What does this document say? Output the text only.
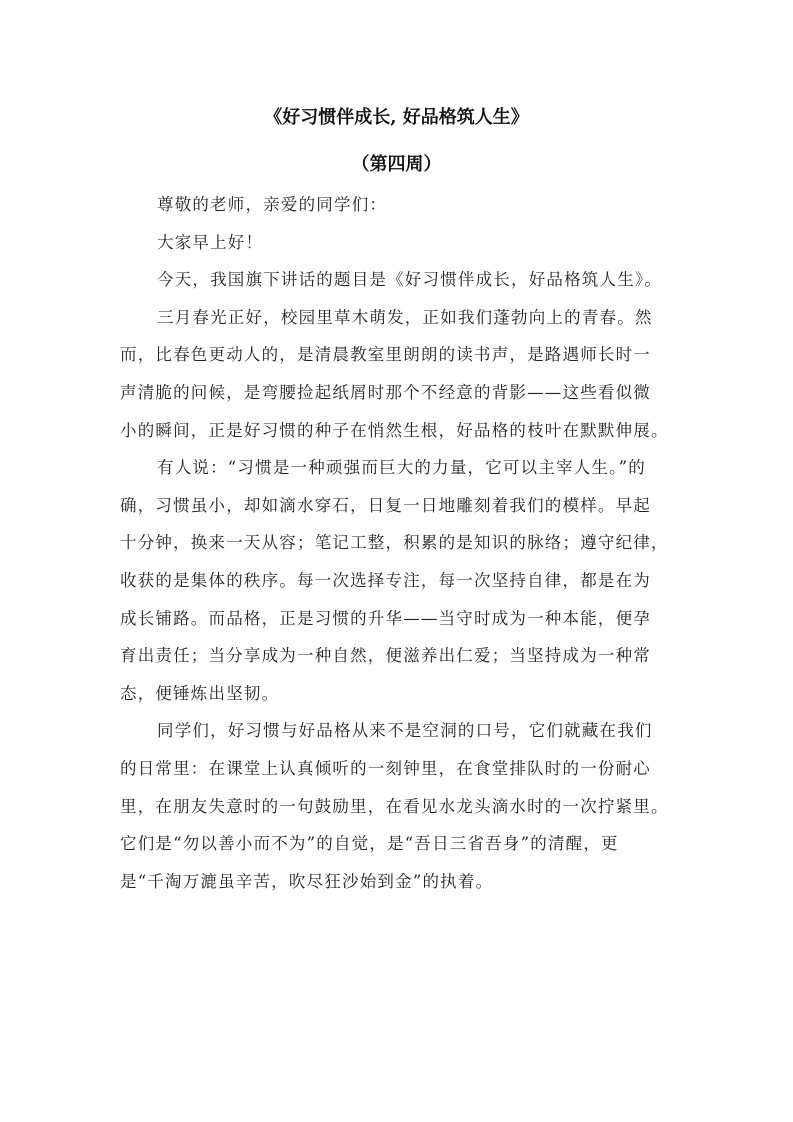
《好习惯伴成长, 好品格筑人生》
（第四周）
尊敬的老师，亲爱的同学们：
大家早上好！
今天，我国旗下讲话的题目是《好习惯伴成长，好品格筑人生》。
三月春光正好，校园里草木萌发，正如我们蓬勃向上的青春。然
而，比春色更动人的，是清晨教室里朗朗的读书声，是路遇师长时一
声清脆的问候，是弯腰捡起纸屑时那个不经意的背影——这些看似微
小的瞬间，正是好习惯的种子在悄然生根，好品格的枝叶在默默伸展。
有人说：“习惯是一种顽强而巨大的力量，它可以主宰人生。”的
确，习惯虽小，却如滴水穿石，日复一日地雕刻着我们的模样。早起
十分钟，换来一天从容；笔记工整，积累的是知识的脉络；遵守纪律，
收获的是集体的秩序。每一次选择专注，每一次坚持自律，都是在为
成长铺路。而品格，正是习惯的升华——当守时成为一种本能，便孕
育出责任；当分享成为一种自然，便滋养出仁爱；当坚持成为一种常
态，便锤炼出坚韧。
同学们，好习惯与好品格从来不是空洞的口号，它们就藏在我们
的日常里：在课堂上认真倾听的一刻钟里，在食堂排队时的一份耐心
里，在朋友失意时的一句鼓励里，在看见水龙头滴水时的一次拧紧里。
它们是“勿以善小而不为”的自觉，是“吾日三省吾身”的清醒，更
是“千淘万漉虽辛苦，吹尽狂沙始到金”的执着。
